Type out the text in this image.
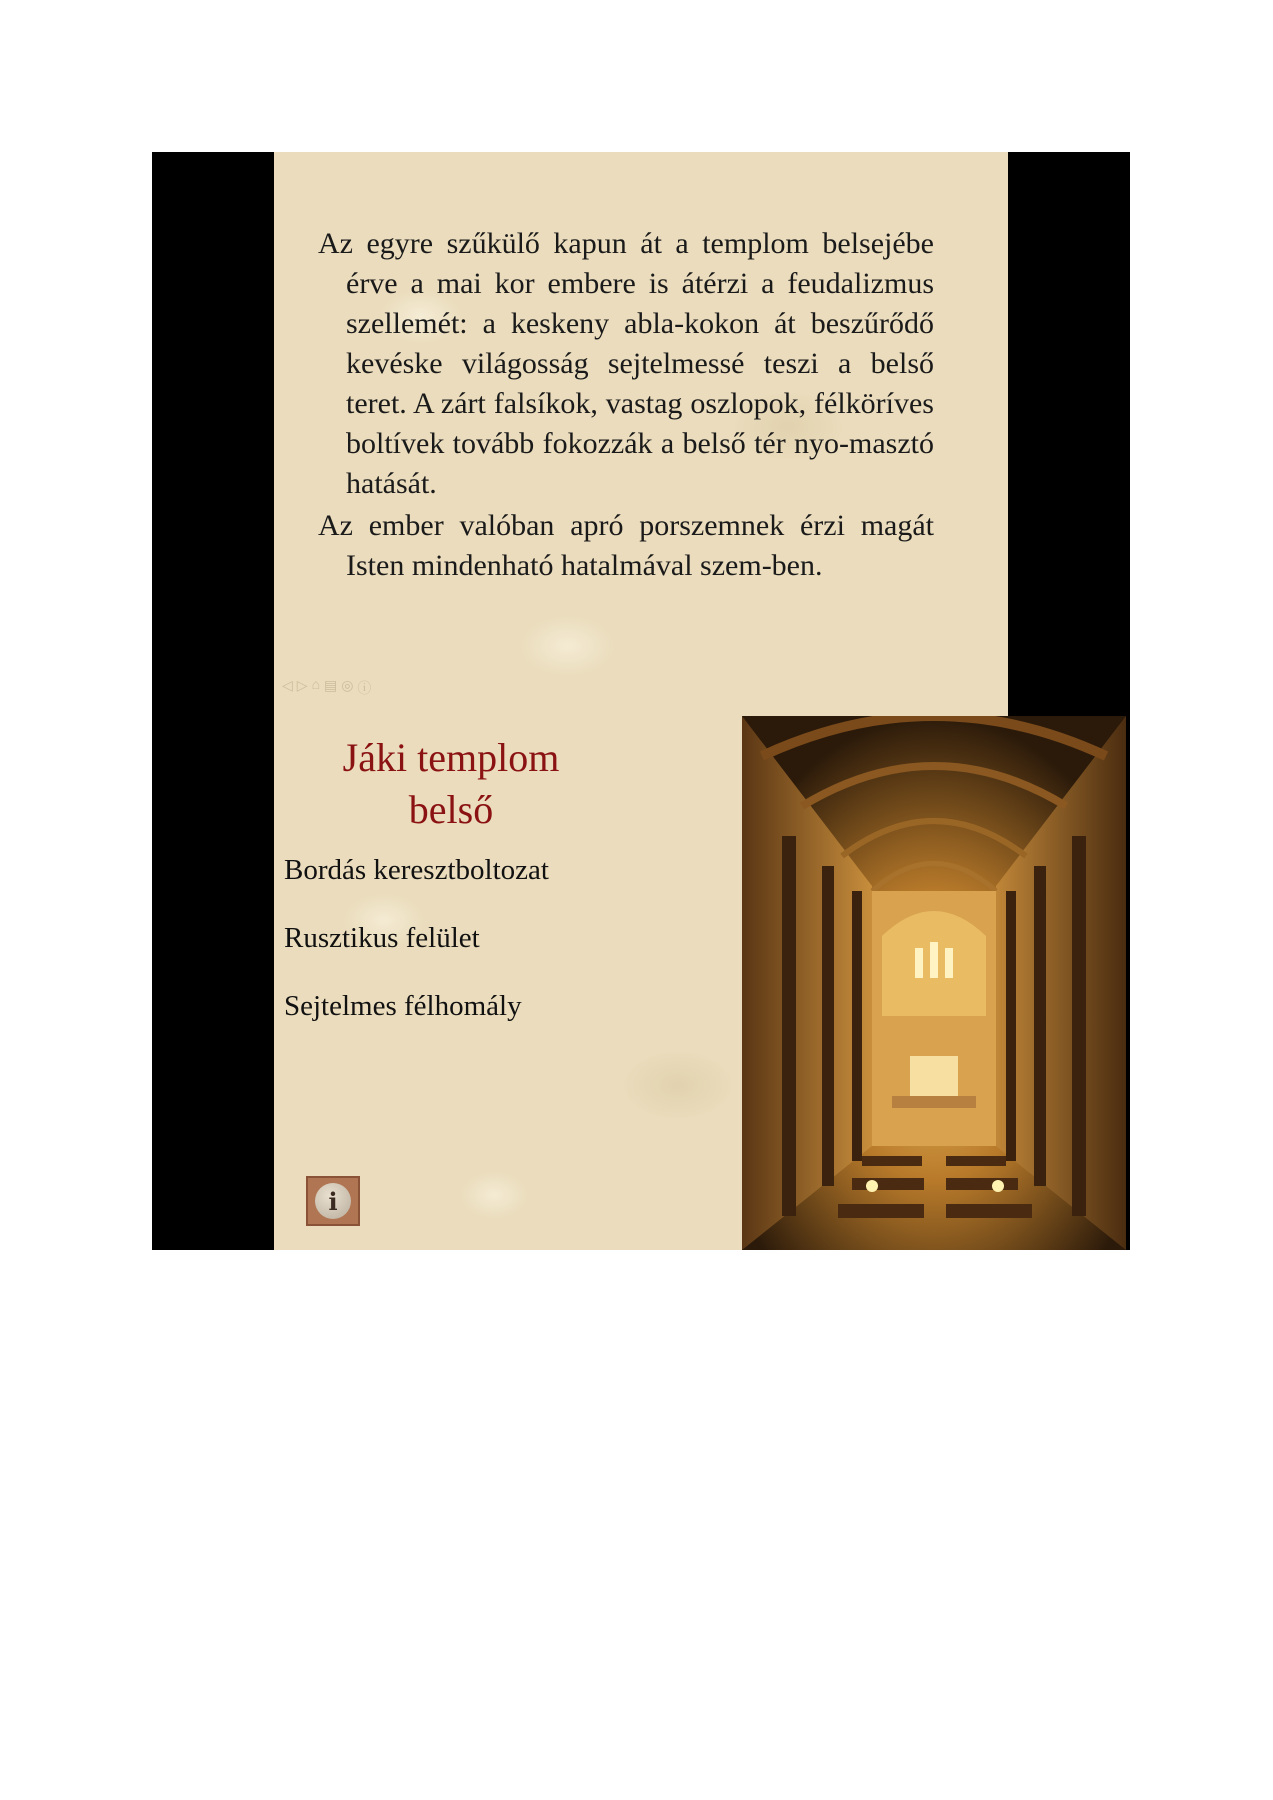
Az egyre szűkülő kapun át a templom belsejébe érve a mai kor embere is átérzi a feudalizmus szellemét: a keskeny abla-kokon át beszűrődő kevéske világosság sejtelmessé teszi a belső teret. A zárt falsíkok, vastag oszlopok, félköríves boltívek tovább fokozzák a belső tér nyo-masztó hatását.

Az ember valóban apró porszemnek érzi magát Isten mindenható hatalmával szem-ben.

◁ ▷ ⌂ ▤ ◎ ⓘ
Jáki templom
belső
Bordás keresztboltozat
Rusztikus felület
Sejtelmes félhomály
i
